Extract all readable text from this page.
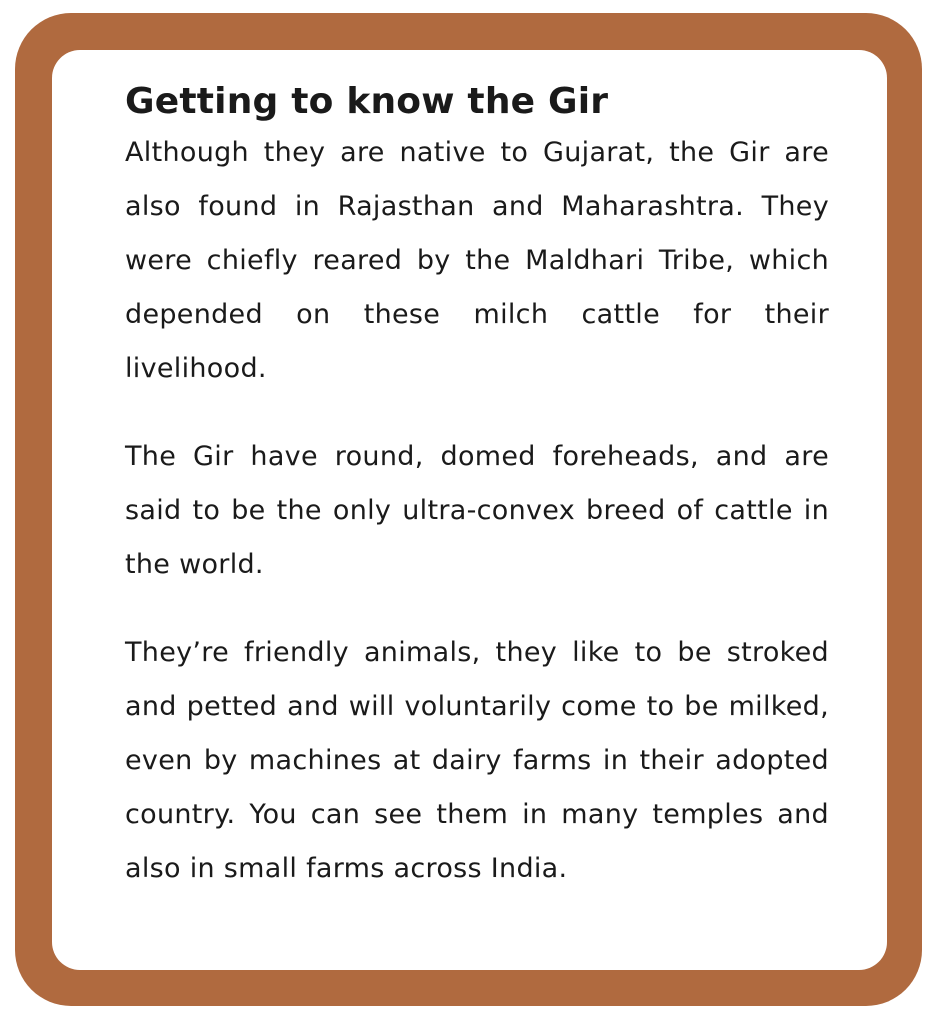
Getting to know the Gir

Although they are native to Gujarat, the Gir are also found in Rajasthan and Maharashtra. They were chiefly reared by the Maldhari Tribe, which depended on these milch cattle for their livelihood.

The Gir have round, domed foreheads, and are said to be the only ultra-convex breed of cattle in the world.

They’re friendly animals, they like to be stroked and petted and will voluntarily come to be milked, even by machines at dairy farms in their adopted country. You can see them in many temples and also in small farms across India.
